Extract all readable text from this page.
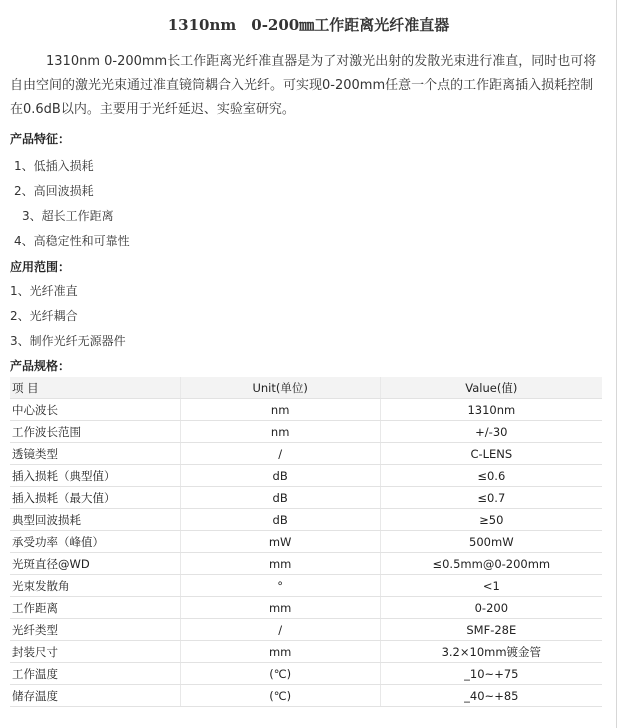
1310nm　0-200㎜工作距离光纤准直器

1310nm 0-200mm长工作距离光纤准直器是为了对激光出射的发散光束进行准直，同时也可将自由空间的激光光束通过准直镜筒耦合入光纤。可实现0-200mm任意一个点的工作距离插入损耗控制在0.6dB以内。主要用于光纤延迟、实验室研究。

产品特征：
1、低插入损耗
2、高回波损耗
3、超长工作距离
4、高稳定性和可靠性
应用范围：
1、光纤准直
2、光纤耦合
3、制作光纤无源器件
产品规格：
项 目	Unit(单位)	Value(值)
中心波长	nm	1310nm
工作波长范围	nm	+/-30
透镜类型	/	C-LENS
插入损耗（典型值）	dB	≤0.6
插入损耗（最大值）	dB	≤0.7
典型回波损耗	dB	≥50
承受功率（峰值）	mW	500mW
光斑直径@WD	mm	≤0.5mm@0-200mm
光束发散角	°	<1
工作距离	mm	0-200
光纤类型	/	SMF-28E
封装尺寸	mm	3.2×10mm镀金管
工作温度	(℃)	_10~+75
储存温度	(℃)	_40~+85
